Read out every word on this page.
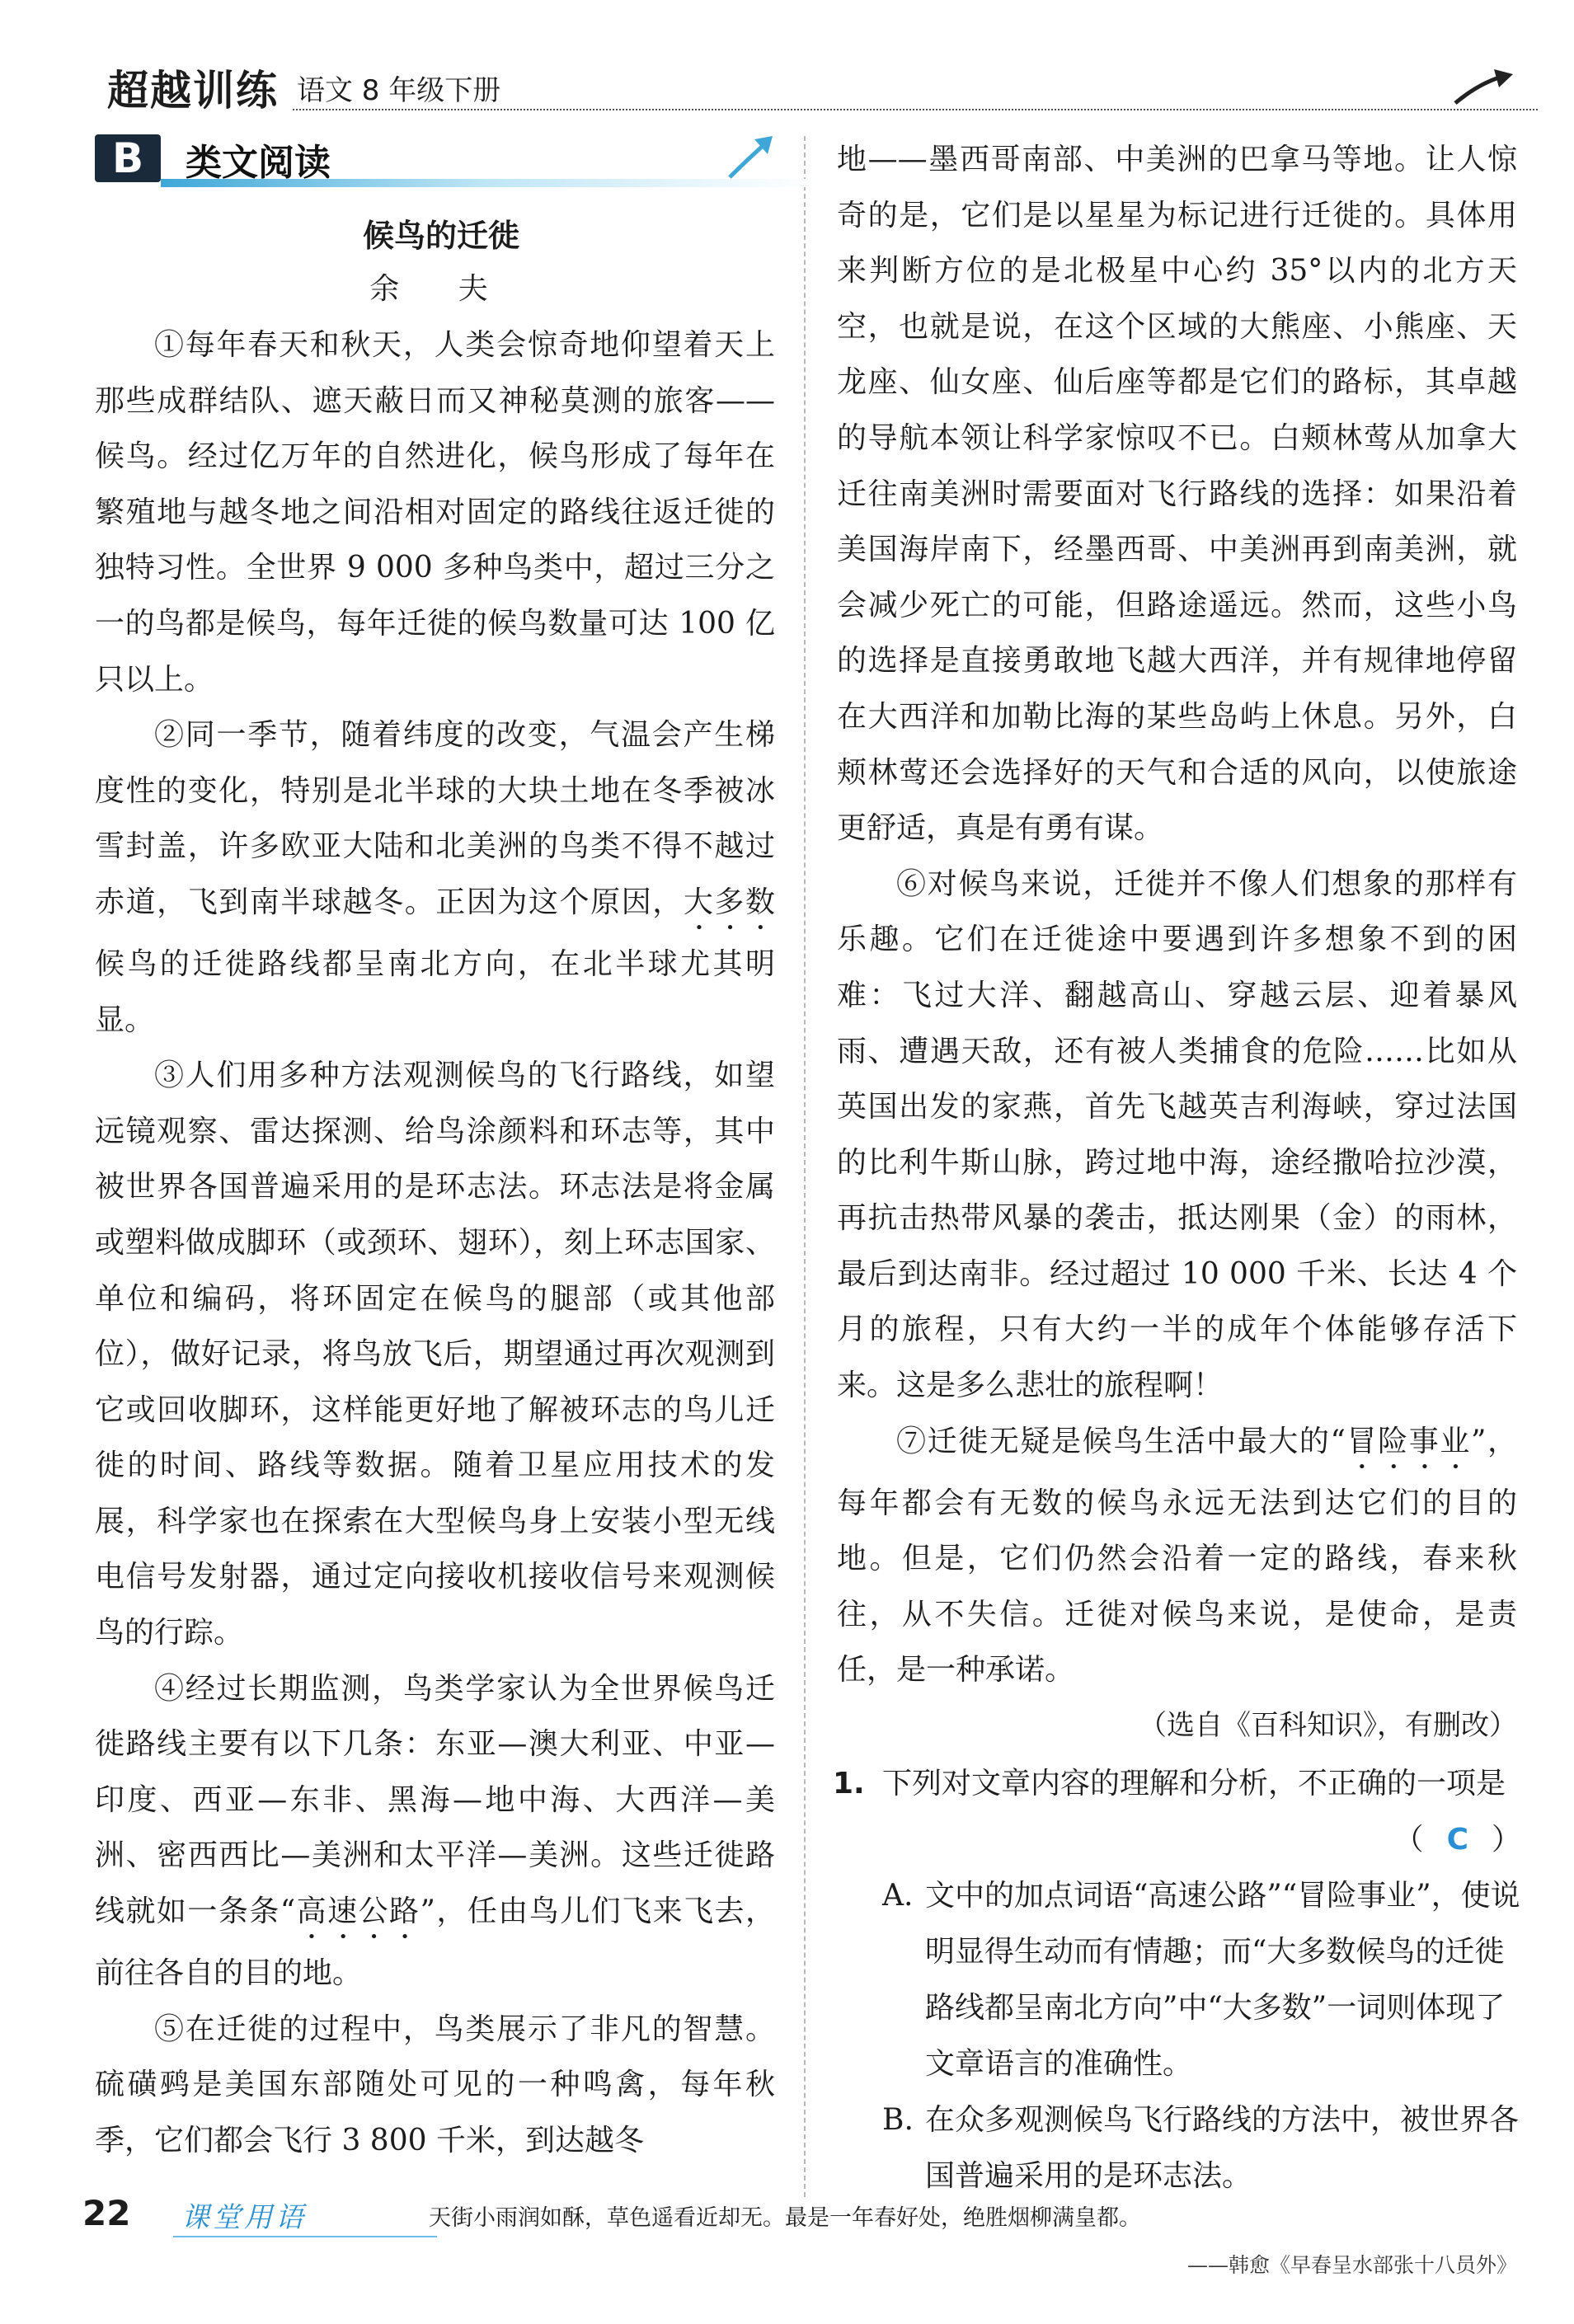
超越训练 语文 8 年级下册
B	类文阅读
候鸟的迁徙
余 夫

①每年春天和秋天，人类会惊奇地仰望着天上那些成群结队、遮天蔽日而又神秘莫测的旅客——候鸟。经过亿万年的自然进化，候鸟形成了每年在繁殖地与越冬地之间沿相对固定的路线往返迁徙的独特习性。全世界 9 000 多种鸟类中，超过三分之一的鸟都是候鸟，每年迁徙的候鸟数量可达 100 亿只以上。

②同一季节，随着纬度的改变，气温会产生梯度性的变化，特别是北半球的大块土地在冬季被冰雪封盖，许多欧亚大陆和北美洲的鸟类不得不越过赤道，飞到南半球越冬。正因为这个原因，大多数候鸟的迁徙路线都呈南北方向，在北半球尤其明显。

③人们用多种方法观测候鸟的飞行路线，如望远镜观察、雷达探测、给鸟涂颜料和环志等，其中被世界各国普遍采用的是环志法。环志法是将金属或塑料做成脚环（或颈环、翅环），刻上环志国家、单位和编码，将环固定在候鸟的腿部（或其他部位），做好记录，将鸟放飞后，期望通过再次观测到它或回收脚环，这样能更好地了解被环志的鸟儿迁徙的时间、路线等数据。随着卫星应用技术的发展，科学家也在探索在大型候鸟身上安装小型无线电信号发射器，通过定向接收机接收信号来观测候鸟的行踪。

④经过长期监测，鸟类学家认为全世界候鸟迁徙路线主要有以下几条：东亚—澳大利亚、中亚—印度、西亚—东非、黑海—地中海、大西洋—美洲、密西西比—美洲和太平洋—美洲。这些迁徙路线就如一条条“高速公路”，任由鸟儿们飞来飞去，前往各自的目的地。

⑤在迁徙的过程中，鸟类展示了非凡的智慧。硫磺鹀是美国东部随处可见的一种鸣禽，每年秋季，它们都会飞行 3 800 千米，到达越冬

地——墨西哥南部、中美洲的巴拿马等地。让人惊奇的是，它们是以星星为标记进行迁徙的。具体用来判断方位的是北极星中心约 35°以内的北方天空，也就是说，在这个区域的大熊座、小熊座、天龙座、仙女座、仙后座等都是它们的路标，其卓越的导航本领让科学家惊叹不已。白颊林莺从加拿大迁往南美洲时需要面对飞行路线的选择：如果沿着美国海岸南下，经墨西哥、中美洲再到南美洲，就会减少死亡的可能，但路途遥远。然而，这些小鸟的选择是直接勇敢地飞越大西洋，并有规律地停留在大西洋和加勒比海的某些岛屿上休息。另外，白颊林莺还会选择好的天气和合适的风向，以使旅途更舒适，真是有勇有谋。

⑥对候鸟来说，迁徙并不像人们想象的那样有乐趣。它们在迁徙途中要遇到许多想象不到的困难：飞过大洋、翻越高山、穿越云层、迎着暴风雨、遭遇天敌，还有被人类捕食的危险……比如从英国出发的家燕，首先飞越英吉利海峡，穿过法国的比利牛斯山脉，跨过地中海，途经撒哈拉沙漠，再抗击热带风暴的袭击，抵达刚果（金）的雨林，最后到达南非。经过超过 10 000 千米、长达 4 个月的旅程，只有大约一半的成年个体能够存活下来。这是多么悲壮的旅程啊！

⑦迁徙无疑是候鸟生活中最大的“冒险事业”，每年都会有无数的候鸟永远无法到达它们的目的地。但是，它们仍然会沿着一定的路线，春来秋往，从不失信。迁徙对候鸟来说，是使命，是责任，是一种承诺。

（选自《百科知识》，有删改）
1. 下列对文章内容的理解和分析，不正确的一项是
（ C ）
A. 文中的加点词语“高速公路”“冒险事业”，使说明显得生动而有情趣；而“大多数候鸟的迁徙路线都呈南北方向”中“大多数”一词则体现了文章语言的准确性。
B. 在众多观测候鸟飞行路线的方法中，被世界各国普遍采用的是环志法。
22 课堂用语	天街小雨润如酥，草色遥看近却无。最是一年春好处，绝胜烟柳满皇都。
——韩愈《早春呈水部张十八员外》
